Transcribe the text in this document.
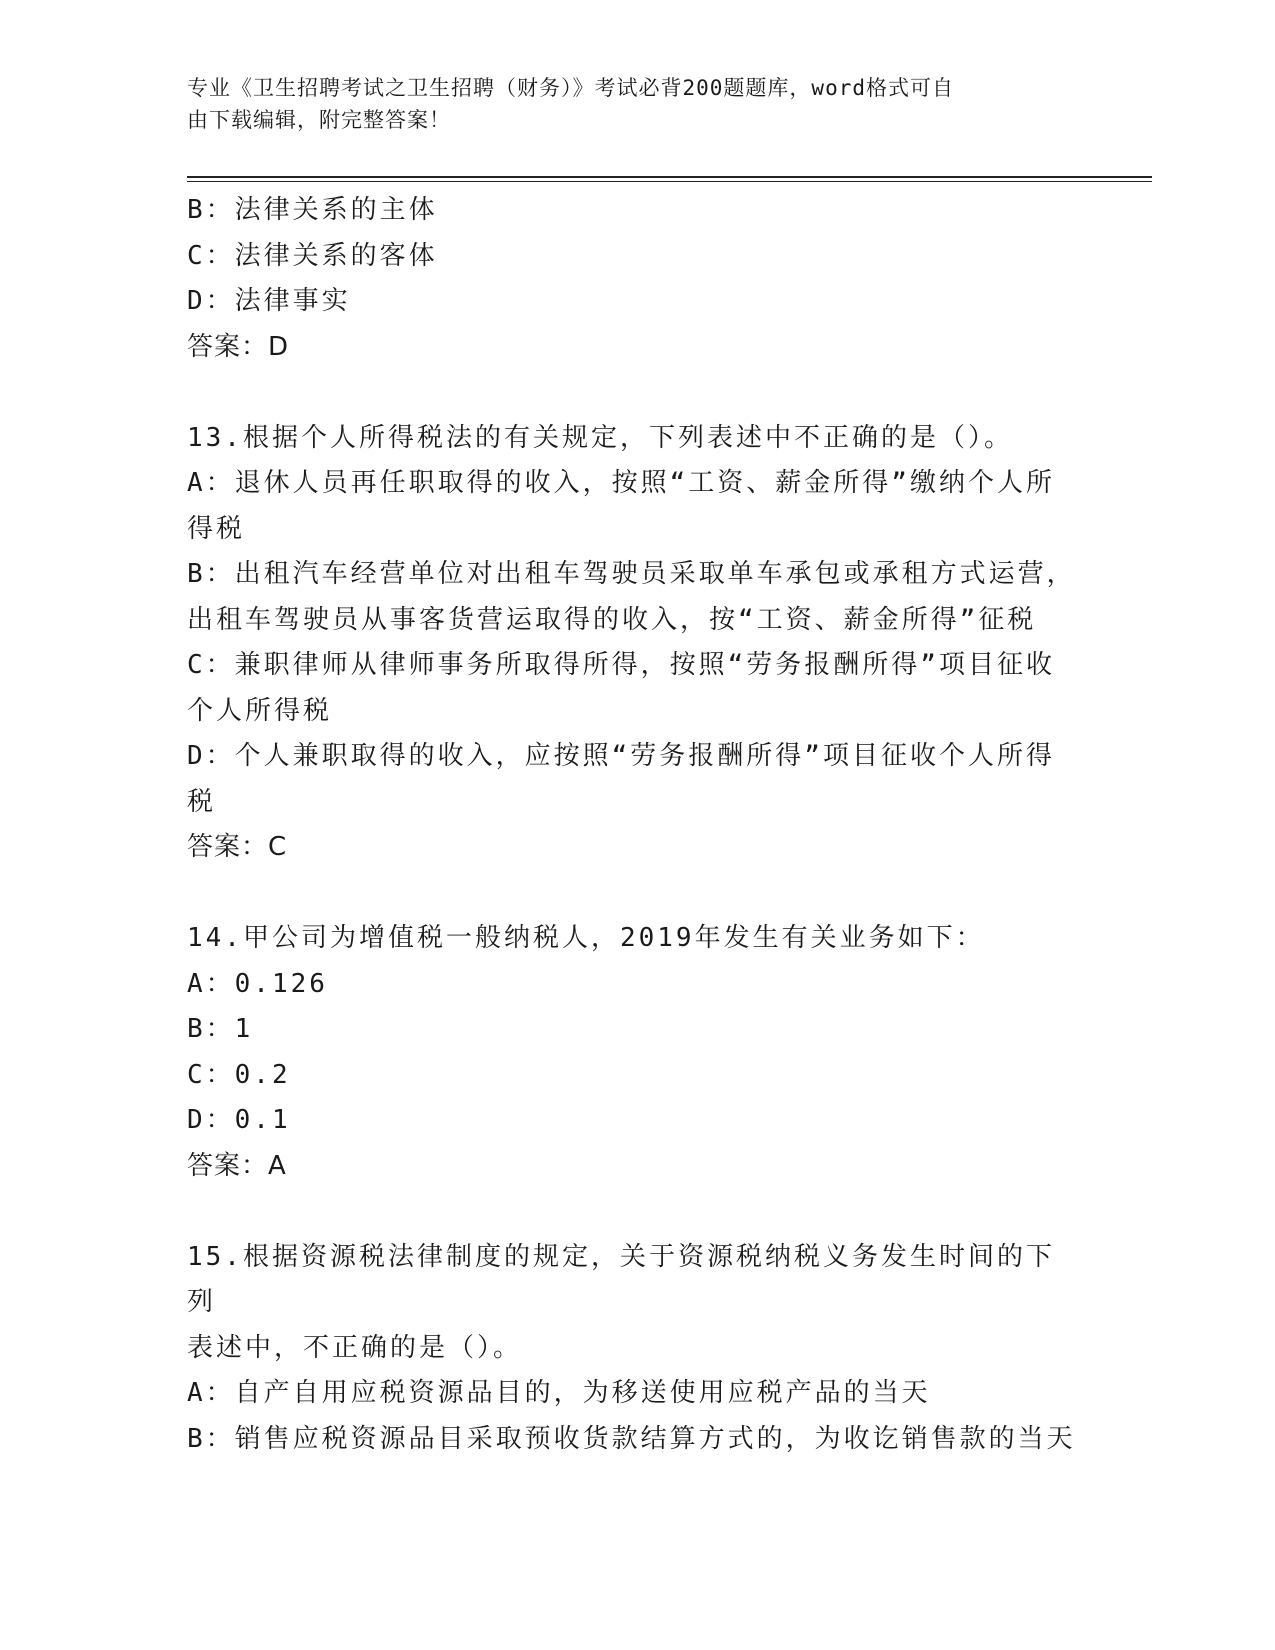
专业《卫生招聘考试之卫生招聘（财务）》考试必背200题题库，word格式可自
由下载编辑，附完整答案！
B：法律关系的主体
C：法律关系的客体
D：法律事实
答案：D
13.根据个人所得税法的有关规定，下列表述中不正确的是（）。
A：退休人员再任职取得的收入，按照“工资、薪金所得”缴纳个人所
得税
B：出租汽车经营单位对出租车驾驶员采取单车承包或承租方式运营，
出租车驾驶员从事客货营运取得的收入，按“工资、薪金所得”征税
C：兼职律师从律师事务所取得所得，按照“劳务报酬所得”项目征收
个人所得税
D：个人兼职取得的收入，应按照“劳务报酬所得”项目征收个人所得
税
答案：C
14.甲公司为增值税一般纳税人，2019年发生有关业务如下：
A：0.126
B：1
C：0.2
D：0.1
答案：A
15.根据资源税法律制度的规定，关于资源税纳税义务发生时间的下列
表述中，不正确的是（）。
A：自产自用应税资源品目的，为移送使用应税产品的当天
B：销售应税资源品目采取预收货款结算方式的，为收讫销售款的当天
